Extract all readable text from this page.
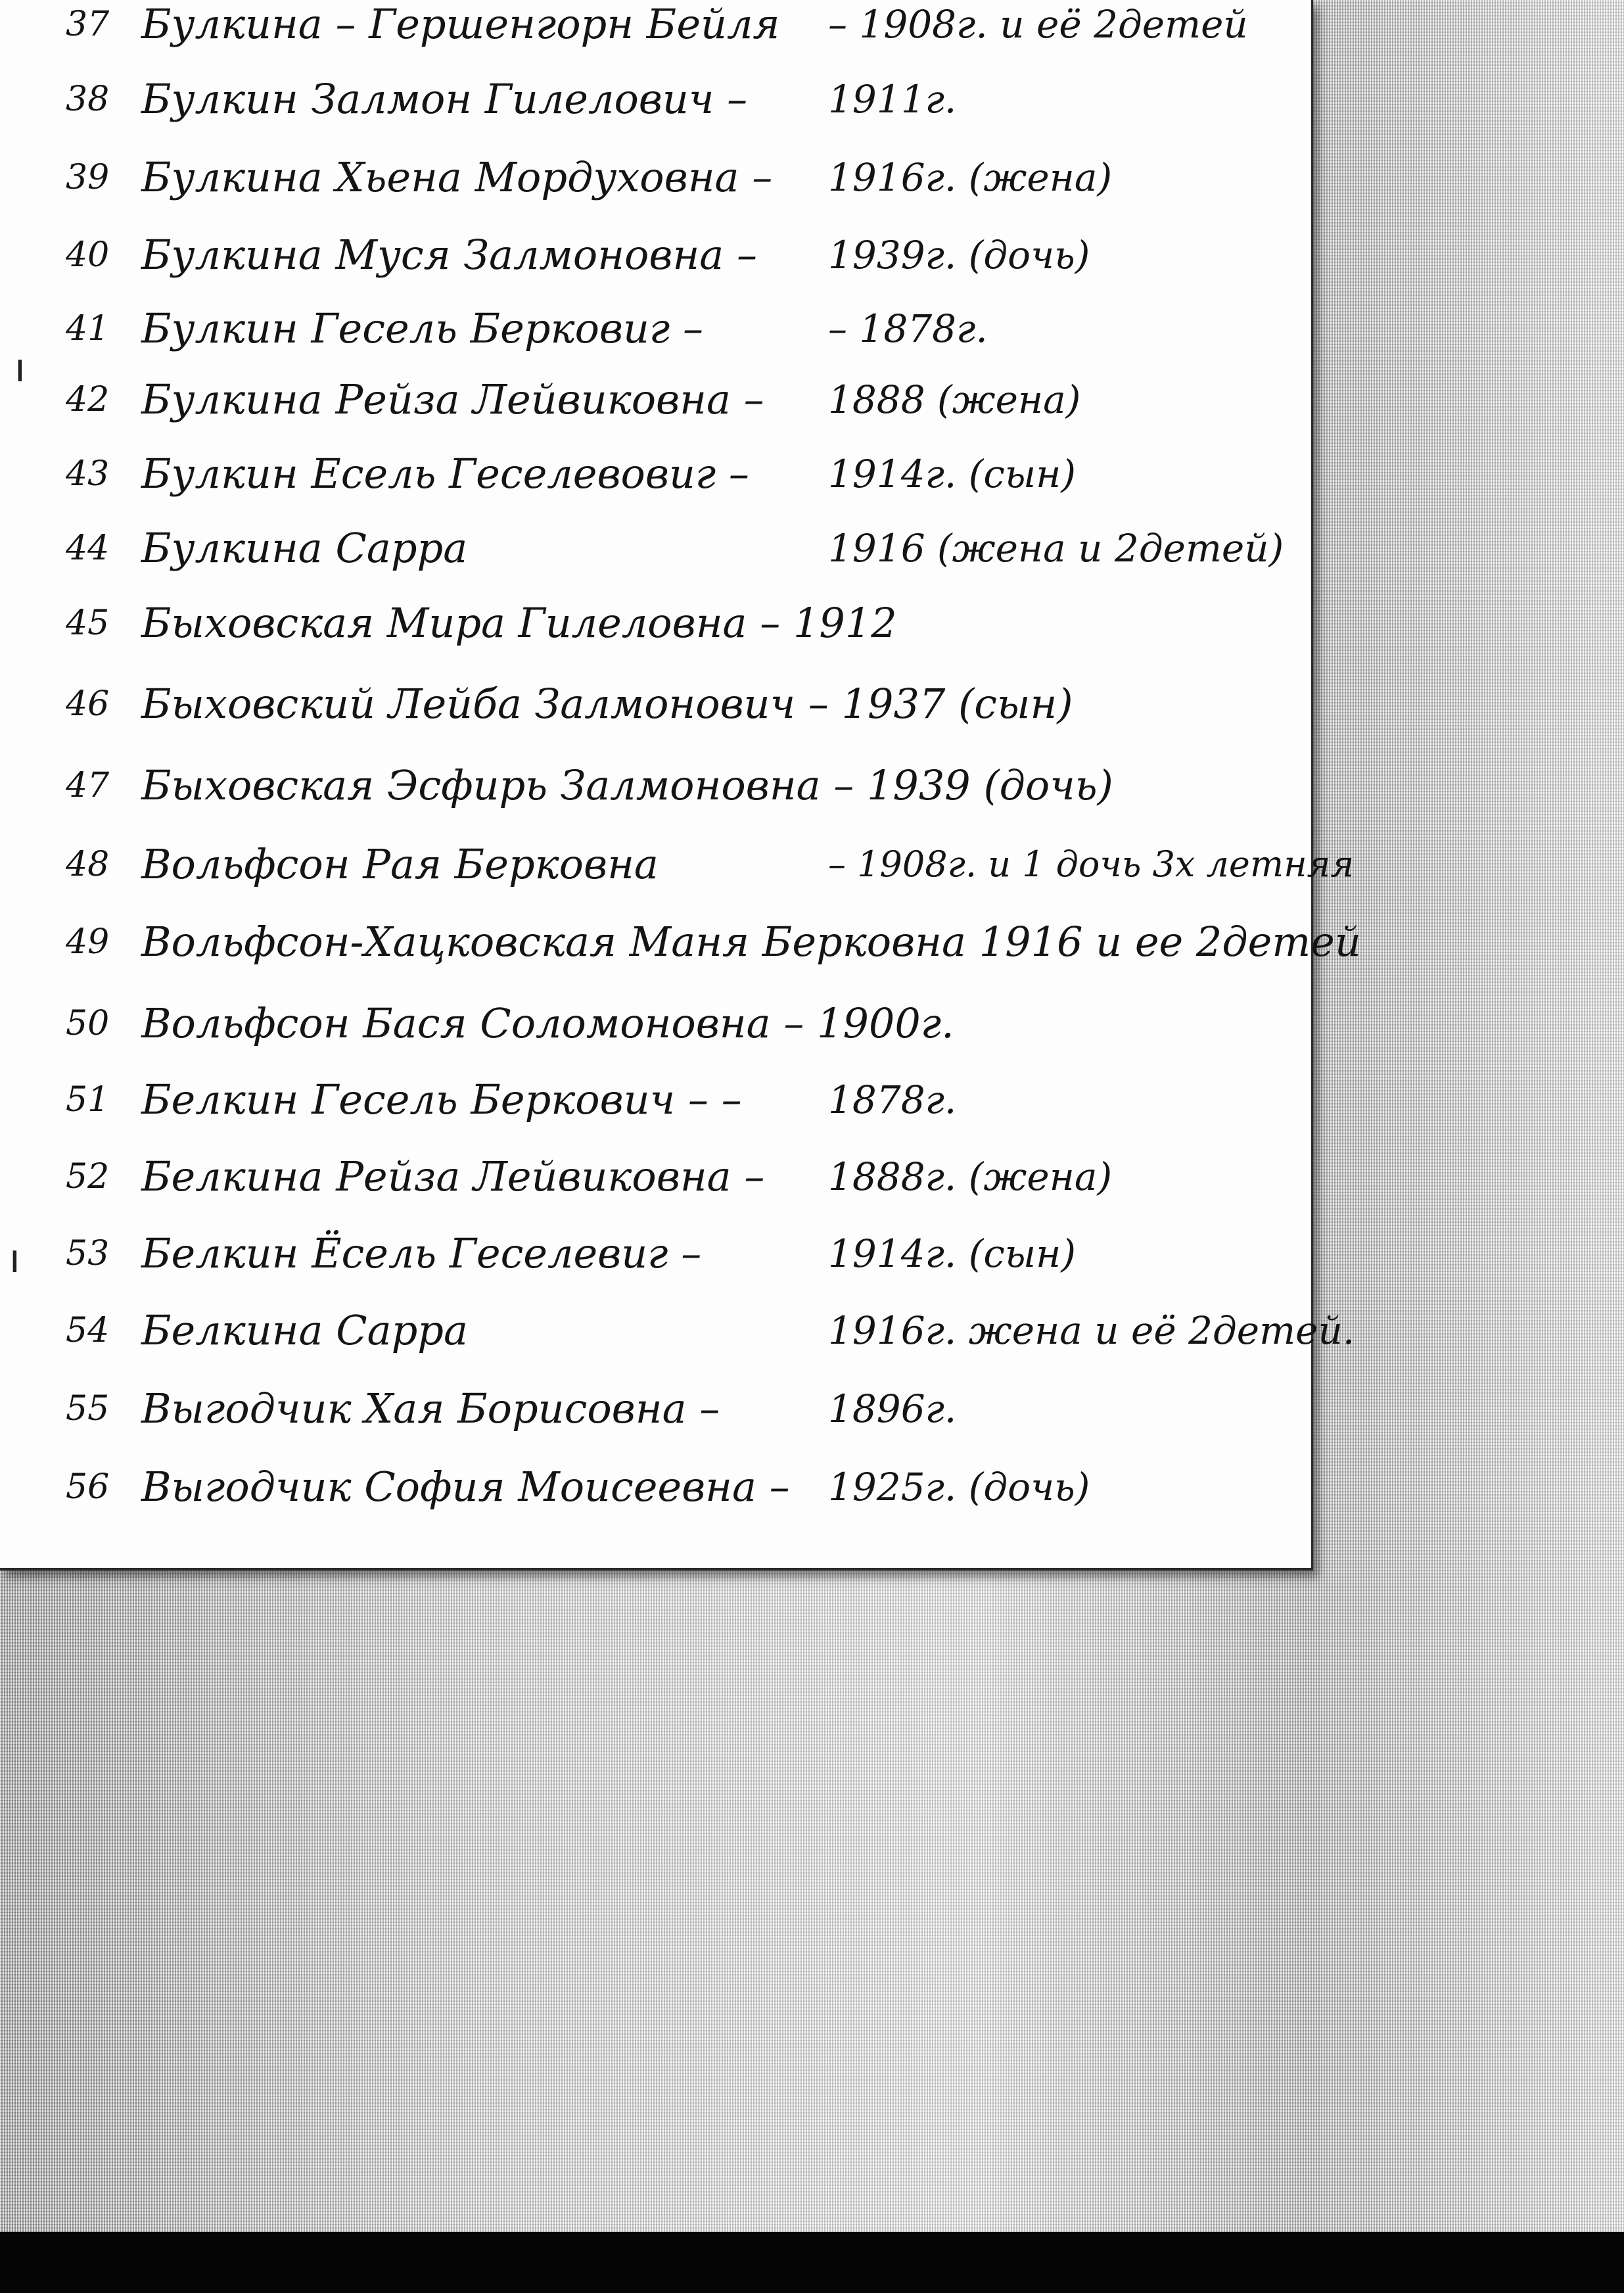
37 Булкина – Гершенгорн Бейля – 1908г. и её 2детей
38 Булкин Залмон Гилелович – 1911г.
39 Булкина Хьена Мордуховна – 1916г. (жена)
40 Булкина Муся Залмоновна – 1939г. (дочь)
41 Булкин Гесель Берковиг –	– 1878г.
42 Булкина Рейза Лейвиковна – 1888 (жена)
43 Булкин Есель Геселевовиг – 1914г. (сын)
44 Булкина Сарра	1916 (жена и 2детей)
45 Быховская Мира Гилеловна – 1912
46 Быховский Лейба Залмонович – 1937 (сын)
47 Быховская Эсфирь Залмоновна – 1939 (дочь)
48 Вольфсон Рая Берковна	– 1908г. и 1 дочь 3х летняя
49 Вольфсон-Хацковская Маня Берковна 1916 и ее 2детей
50 Вольфсон Бася Соломоновна – 1900г.
51 Белкин Гесель Беркович – – 1878г.
52 Белкина Рейза Лейвиковна – 1888г. (жена)
53 Белкин Ёсель Геселевиг –	1914г. (сын)
54 Белкина Сарра	1916г. жена и её 2детей.
55 Выгодчик Хая Борисовна –	1896г.
56 Выгодчик София Моисеевна – 1925г. (дочь)
ı
ı
